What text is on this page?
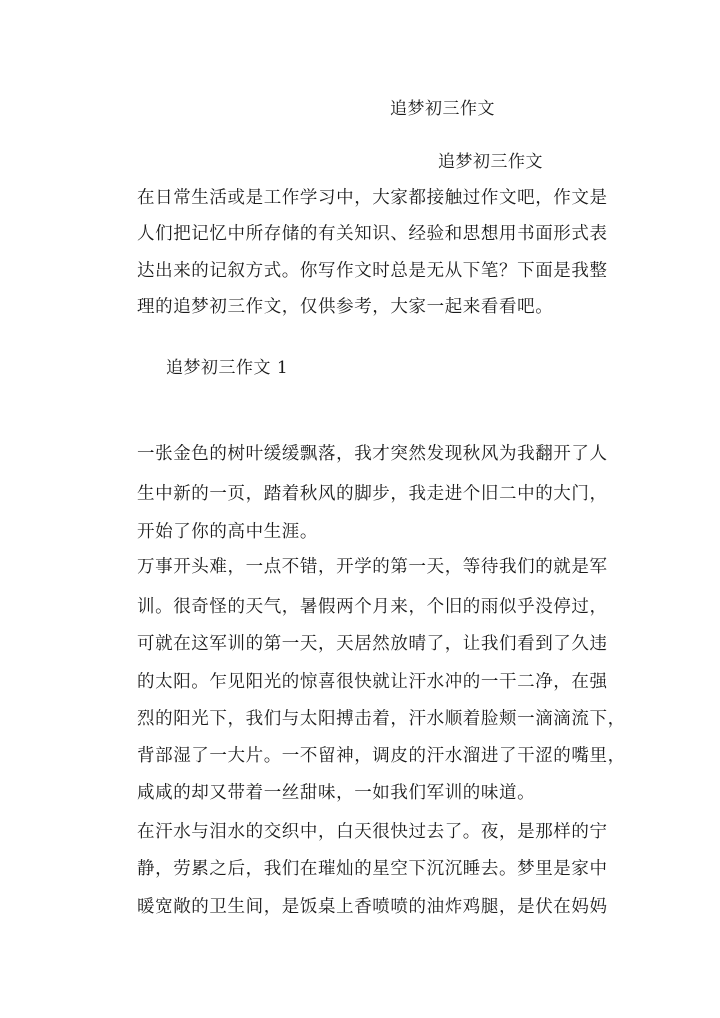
追梦初三作文
追梦初三作文
在日常生活或是工作学习中，大家都接触过作文吧，作文是
人们把记忆中所存储的有关知识、经验和思想用书面形式表
达出来的记叙方式。你写作文时总是无从下笔？下面是我整
理的追梦初三作文，仅供参考，大家一起来看看吧。
追梦初三作文 1
一张金色的树叶缓缓飘落，我才突然发现秋风为我翻开了人
生中新的一页，踏着秋风的脚步，我走进个旧二中的大门，
开始了你的高中生涯。
万事开头难，一点不错，开学的第一天，等待我们的就是军
训。很奇怪的天气，暑假两个月来，个旧的雨似乎没停过，
可就在这军训的第一天，天居然放晴了，让我们看到了久违
的太阳。乍见阳光的惊喜很快就让汗水冲的一干二净，在强
烈的阳光下，我们与太阳搏击着，汗水顺着脸颊一滴滴流下，
背部湿了一大片。一不留神，调皮的汗水溜进了干涩的嘴里，
咸咸的却又带着一丝甜味，一如我们军训的味道。
在汗水与泪水的交织中，白天很快过去了。夜，是那样的宁
静，劳累之后，我们在璀灿的星空下沉沉睡去。梦里是家中
暖宽敞的卫生间，是饭桌上香喷喷的油炸鸡腿，是伏在妈妈
